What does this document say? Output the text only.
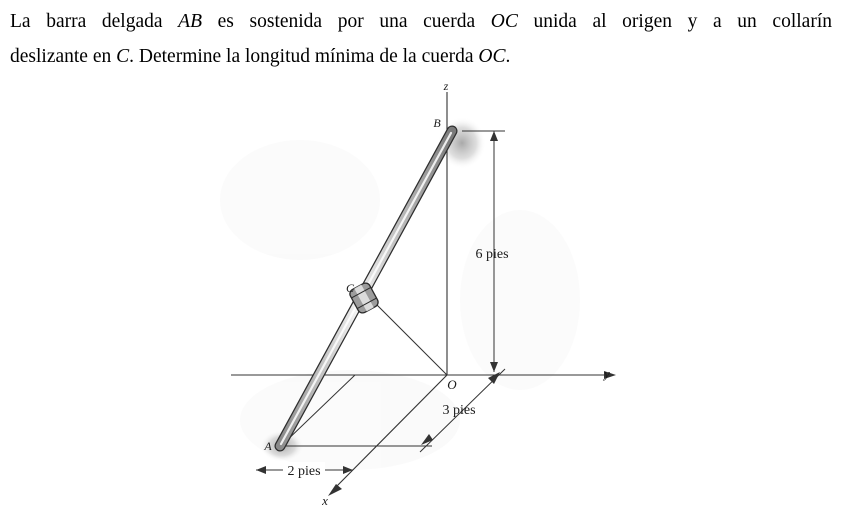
La barra delgada AB es sostenida por una cuerda OC unida al origen y a un collarín
deslizante en C. Determine la longitud mínima de la cuerda OC.
z
B
6 pies
C
y
O
3 pies
A
2 pies
x
